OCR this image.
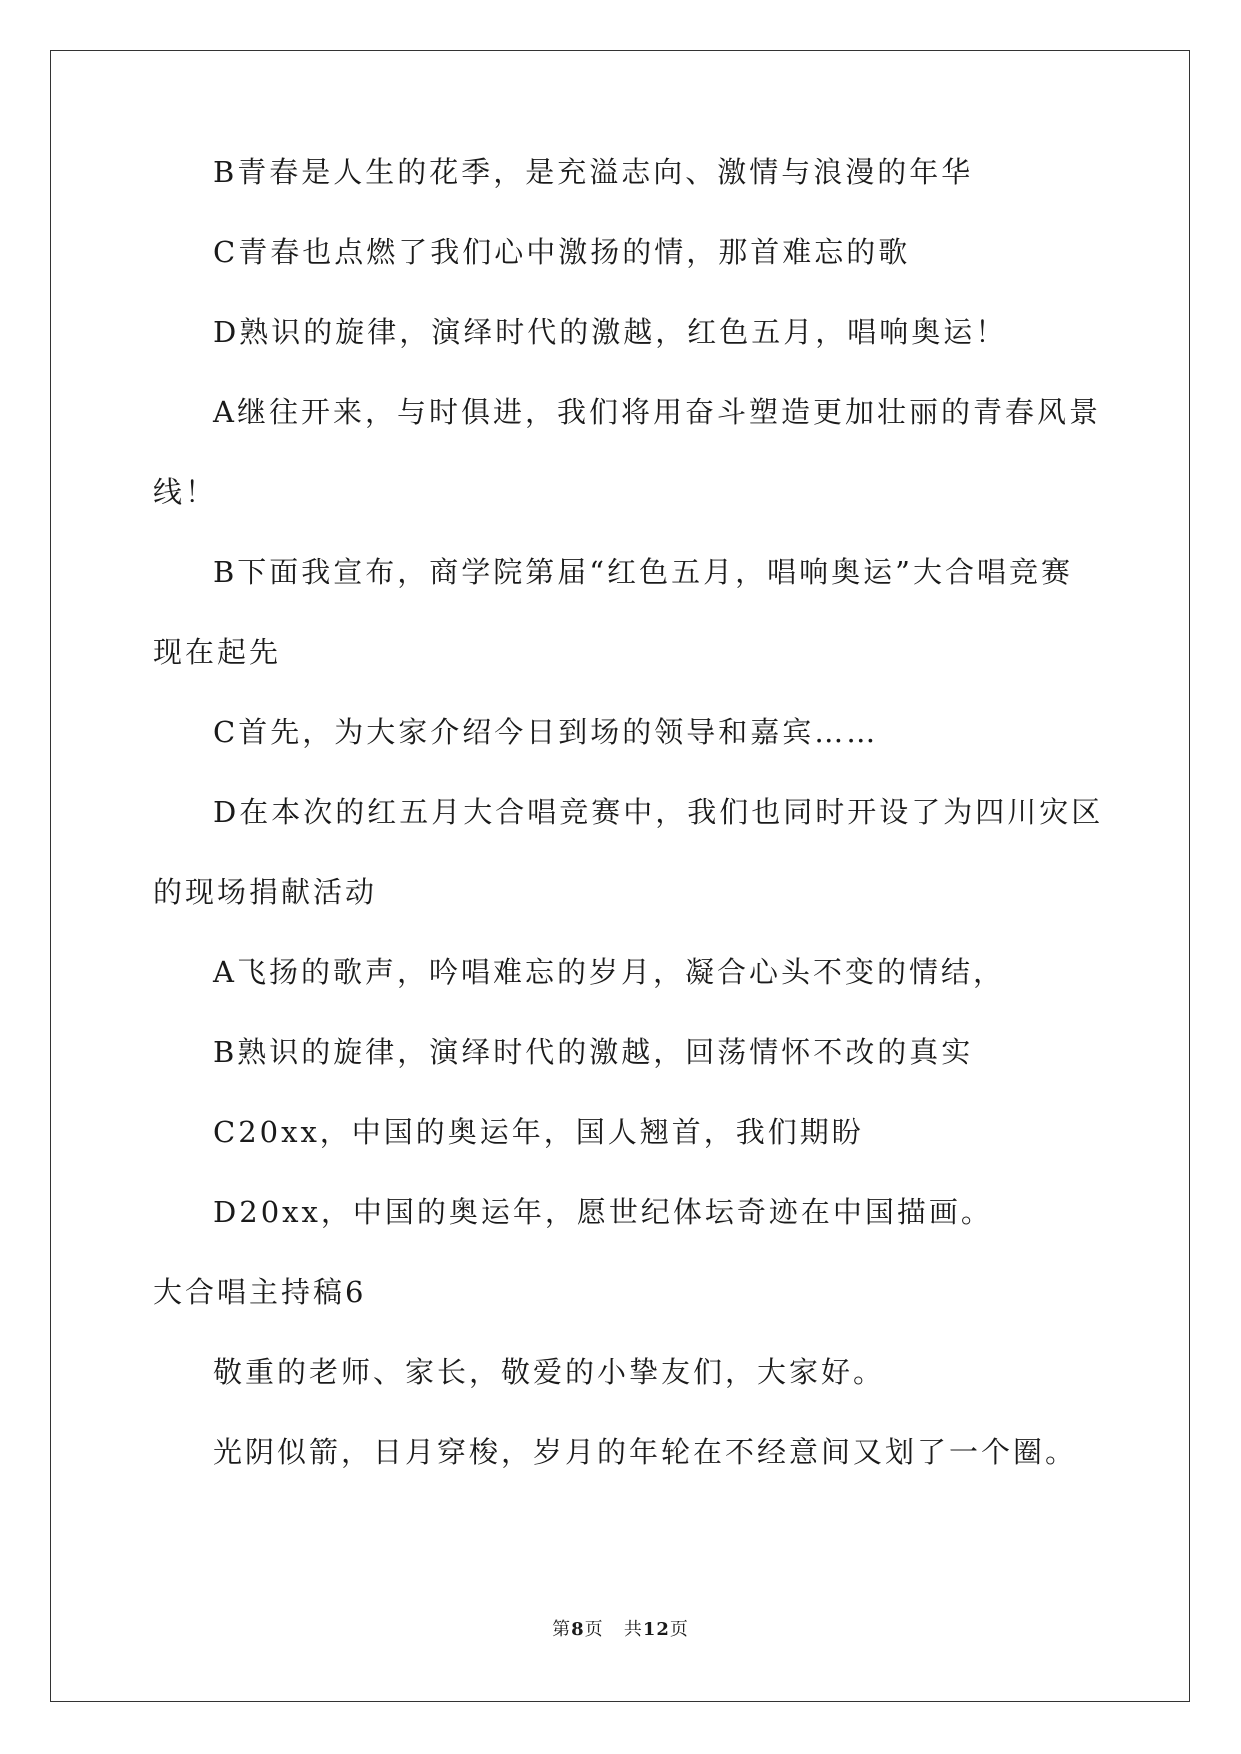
B青春是人生的花季，是充溢志向、激情与浪漫的年华
C青春也点燃了我们心中激扬的情，那首难忘的歌
D熟识的旋律，演绎时代的激越，红色五月，唱响奥运！
A继往开来，与时俱进，我们将用奋斗塑造更加壮丽的青春风景
线！
B下面我宣布，商学院第届“红色五月，唱响奥运”大合唱竞赛
现在起先
C首先，为大家介绍今日到场的领导和嘉宾……
D在本次的红五月大合唱竞赛中，我们也同时开设了为四川灾区
的现场捐献活动
A飞扬的歌声，吟唱难忘的岁月，凝合心头不变的情结，
B熟识的旋律，演绎时代的激越，回荡情怀不改的真实
C20xx，中国的奥运年，国人翘首，我们期盼
D20xx，中国的奥运年，愿世纪体坛奇迹在中国描画。
大合唱主持稿6
敬重的老师、家长，敬爱的小挚友们，大家好。
光阴似箭，日月穿梭，岁月的年轮在不经意间又划了一个圈。
第8页 共12页
